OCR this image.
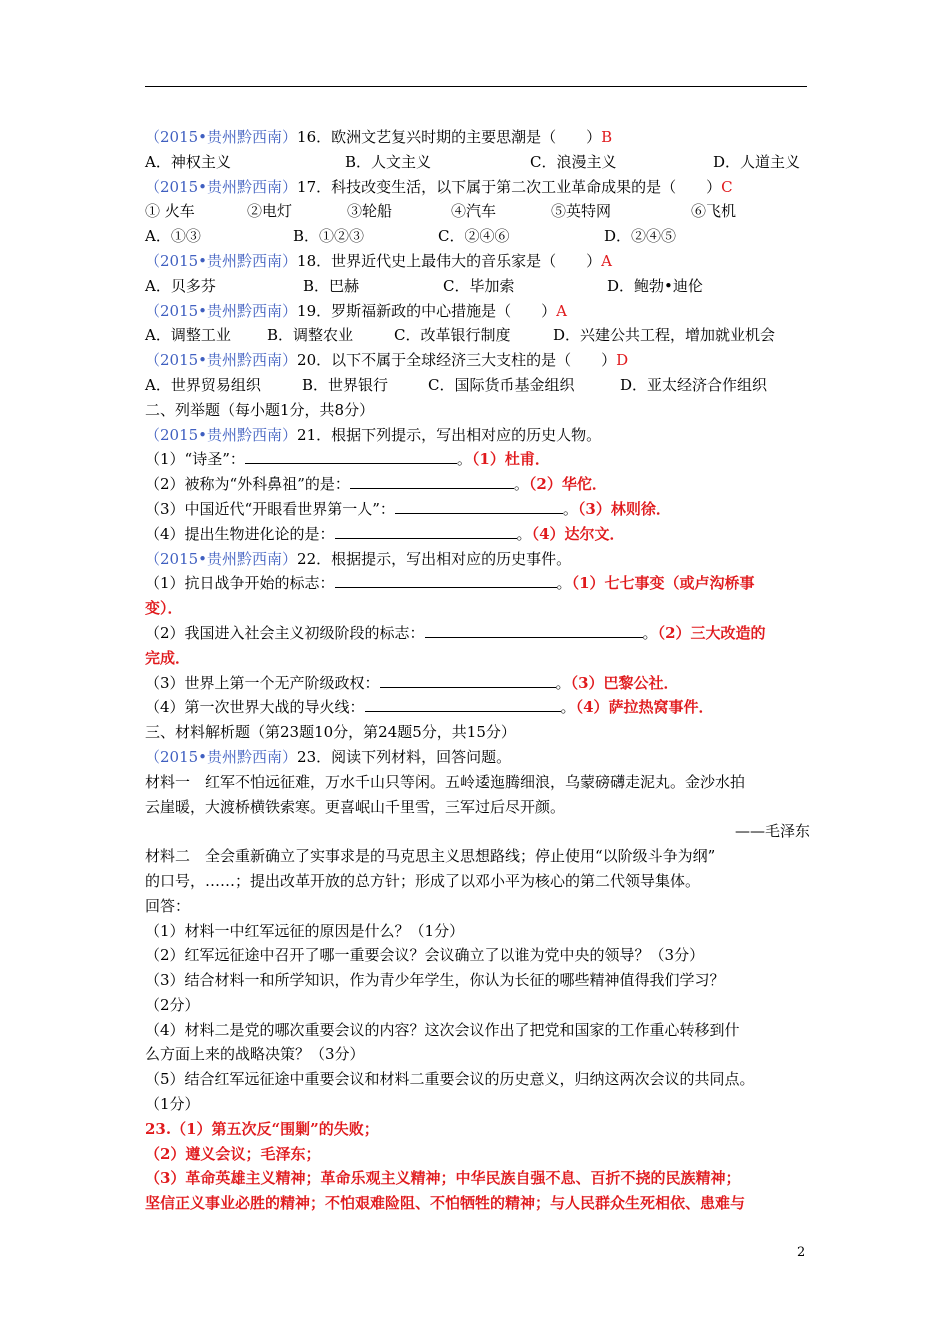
（2015•贵州黔西南）16．欧洲文艺复兴时期的主要思潮是（　　）B
A．神权主义	B．人文主义	C．浪漫主义	D．人道主义
（2015•贵州黔西南）17．科技改变生活，以下属于第二次工业革命成果的是（　　）C
① 火车	②电灯	③轮船	④汽车	⑤英特网	⑥飞机
A．①③	B．①②③	C．②④⑥	D．②④⑤
（2015•贵州黔西南）18．世界近代史上最伟大的音乐家是（　　）A
A．贝多芬	B．巴赫	C．毕加索	D．鲍勃•迪伦
（2015•贵州黔西南）19．罗斯福新政的中心措施是（　　）A
A．调整工业 B．调整农业	C．改革银行制度	D．兴建公共工程，增加就业机会
（2015•贵州黔西南）20．以下不属于全球经济三大支柱的是（　　）D
A．世界贸易组织	B．世界银行	C．国际货币基金组织	D．亚太经济合作组织
二、列举题（每小题1分，共8分）
（2015•贵州黔西南）21．根据下列提示，写出相对应的历史人物。
（1）“诗圣”：	。（1）杜甫．
（2）被称为“外科鼻祖”的是：	。（2）华佗．
（3）中国近代“开眼看世界第一人”：	。（3）林则徐．
（4）提出生物进化论的是：	。（4）达尔文．
（2015•贵州黔西南）22．根据提示，写出相对应的历史事件。
（1）抗日战争开始的标志：	。（1）七七事变（或卢沟桥事
变）．
（2）我国进入社会主义初级阶段的标志：	。（2）三大改造的
完成．
（3）世界上第一个无产阶级政权：	。（3）巴黎公社．
（4）第一次世界大战的导火线：	。（4）萨拉热窝事件．
三、材料解析题（第23题10分，第24题5分，共15分）
（2015•贵州黔西南）23．阅读下列材料，回答问题。
材料一　红军不怕远征难，万水千山只等闲。五岭逶迤腾细浪，乌蒙磅礴走泥丸。金沙水拍
云崖暖，大渡桥横铁索寒。更喜岷山千里雪，三军过后尽开颜。
——毛泽东
材料二　全会重新确立了实事求是的马克思主义思想路线；停止使用“以阶级斗争为纲”
的口号，……；提出改革开放的总方针；形成了以邓小平为核心的第二代领导集体。
回答：
（1）材料一中红军远征的原因是什么？（1分）
（2）红军远征途中召开了哪一重要会议？会议确立了以谁为党中央的领导？（3分）
（3）结合材料一和所学知识，作为青少年学生，你认为长征的哪些精神值得我们学习？
（2分）
（4）材料二是党的哪次重要会议的内容？这次会议作出了把党和国家的工作重心转移到什
么方面上来的战略决策？（3分）
（5）结合红军远征途中重要会议和材料二重要会议的历史意义，归纳这两次会议的共同点。
（1分）
23.（1）第五次反“围剿”的失败；
（2）遵义会议；毛泽东；
（3）革命英雄主义精神；革命乐观主义精神；中华民族自强不息、百折不挠的民族精神；
坚信正义事业必胜的精神；不怕艰难险阻、不怕牺牲的精神；与人民群众生死相依、患难与
2
